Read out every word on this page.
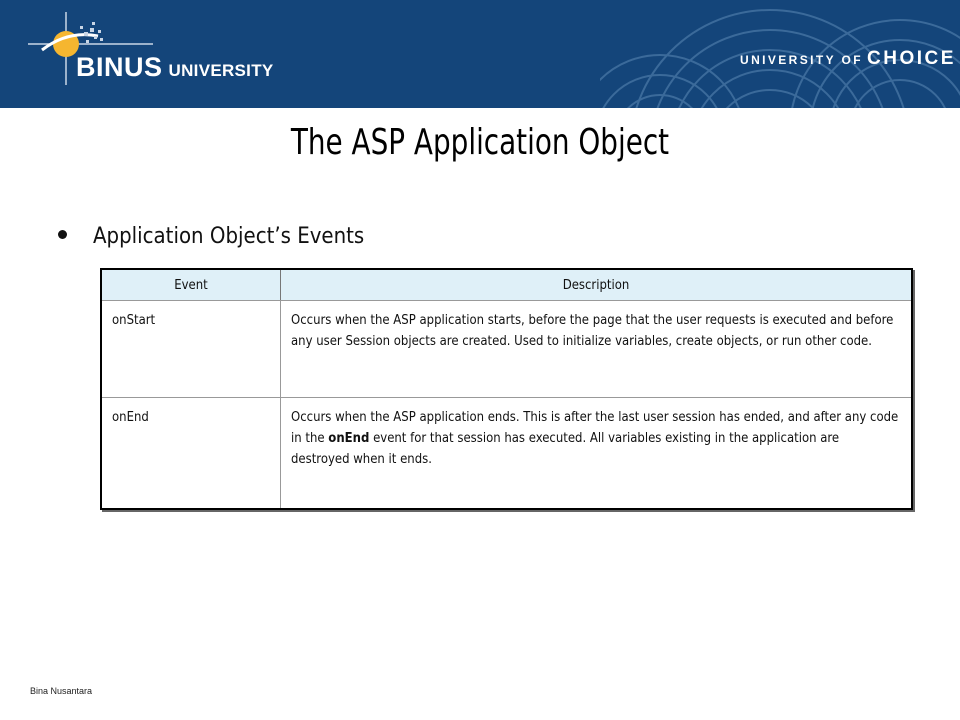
BINUS UNIVERSITY
UNIVERSITY OF CHOICE
The ASP Application Object
Application Object’s Events
Event	Description
onStart	Occurs when the ASP application starts, before the page that the user requests is executed and before any user Session objects are created. Used to initialize variables, create objects, or run other code.
onEnd	Occurs when the ASP application ends. This is after the last user session has ended, and after any code in the onEnd event for that session has executed. All variables existing in the application are destroyed when it ends.
Bina Nusantara
